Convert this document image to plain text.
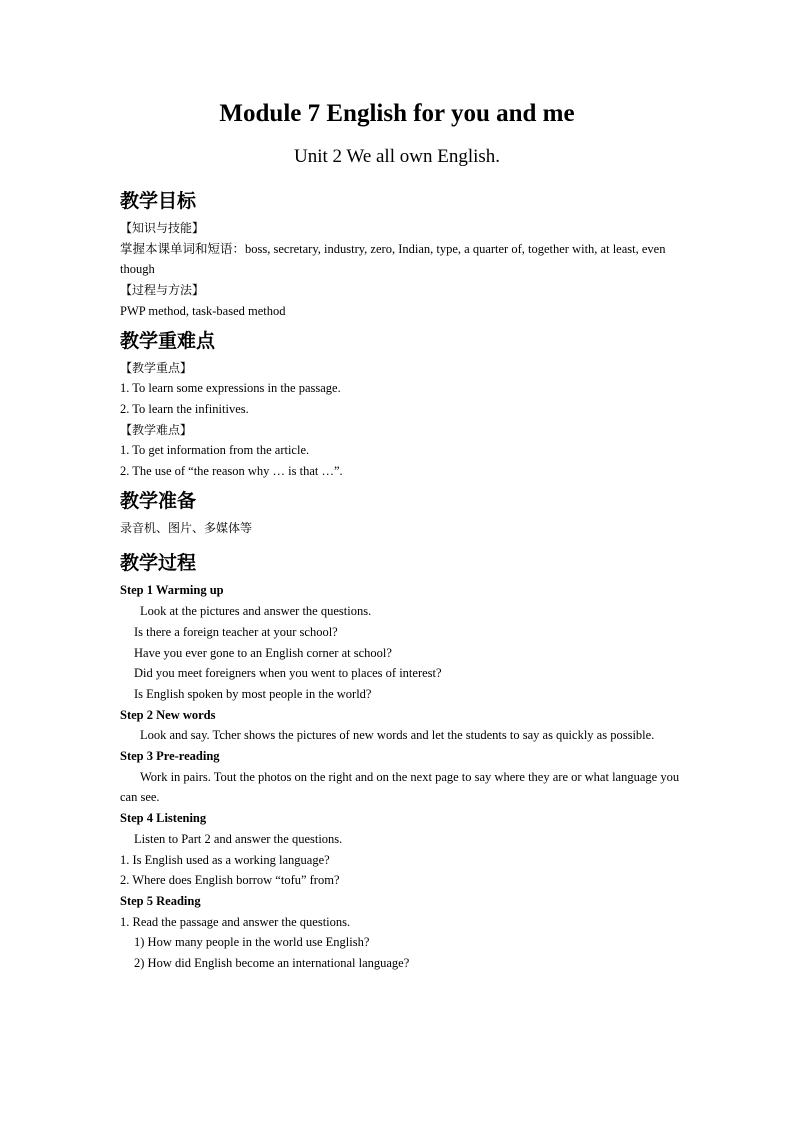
Module 7 English for you and me
Unit 2 We all own English.
教学目标
【知识与技能】
掌握本课单词和短语：boss, secretary, industry, zero, Indian, type, a quarter of, together with, at least, even though
【过程与方法】
PWP method, task-based method
教学重难点
【教学重点】
1. To learn some expressions in the passage.
2. To learn the infinitives.
【教学难点】
1. To get information from the article.
2. The use of “the reason why … is that …”.
教学准备
录音机、图片、多媒体等
教学过程
Step 1 Warming up
Look at the pictures and answer the questions.
Is there a foreign teacher at your school?
Have you ever gone to an English corner at school?
Did you meet foreigners when you went to places of interest?
Is English spoken by most people in the world?
Step 2 New words
Look and say. Tcher shows the pictures of new words and let the students to say as quickly as possible.
Step 3 Pre-reading
Work in pairs. Tout the photos on the right and on the next page to say where they are or what language you can see.
Step 4 Listening
Listen to Part 2 and answer the questions.
1. Is English used as a working language?
2. Where does English borrow “tofu” from?
Step 5 Reading
1. Read the passage and answer the questions.
1) How many people in the world use English?
2) How did English become an international language?
